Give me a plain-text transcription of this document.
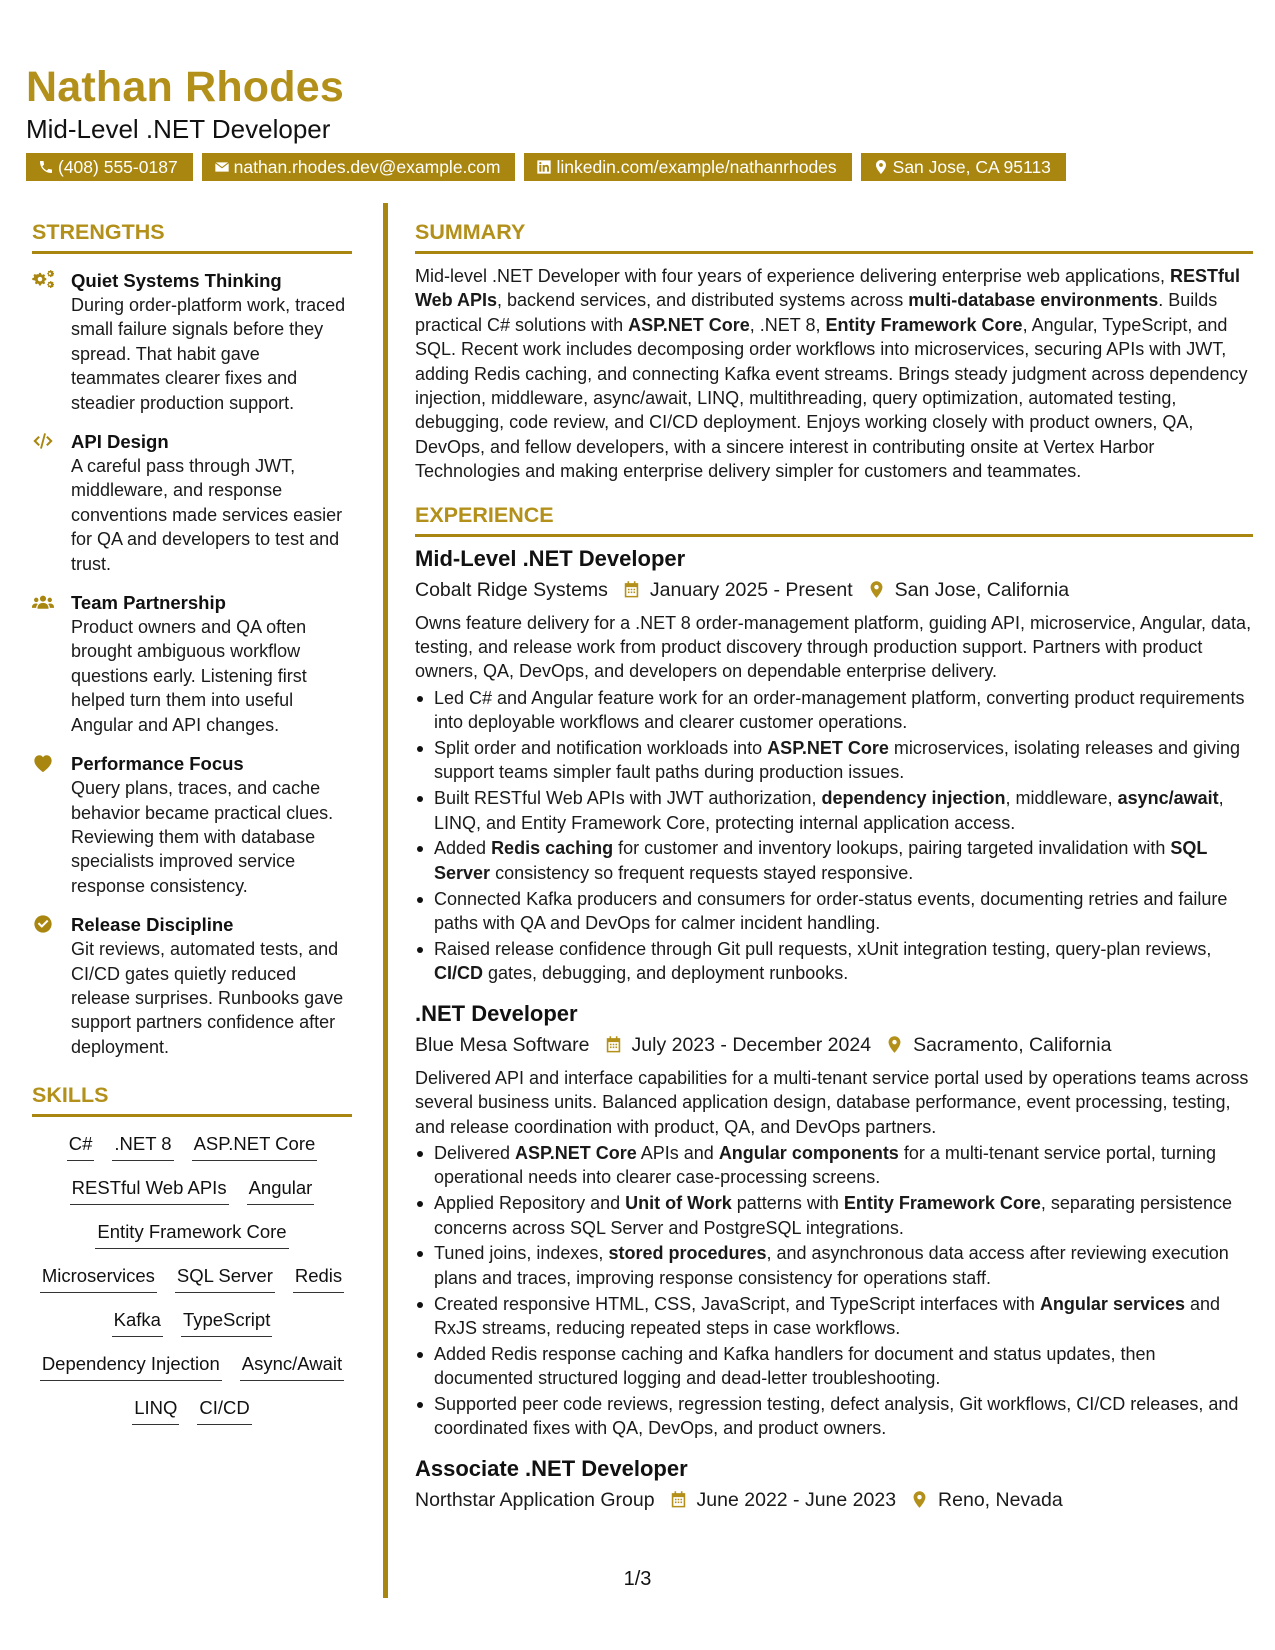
Nathan Rhodes
Mid-Level .NET Developer
(408) 555-0187	nathan.rhodes.dev@example.com	linkedin.com/example/nathanrhodes	San Jose, CA 95113
STRENGTHS
Quiet Systems Thinking
During order-platform work, traced small failure signals before they spread. That habit gave teammates clearer fixes and steadier production support.
API Design
A careful pass through JWT, middleware, and response conventions made services easier for QA and developers to test and trust.
Team Partnership
Product owners and QA often brought ambiguous workflow questions early. Listening first helped turn them into useful Angular and API changes.
Performance Focus
Query plans, traces, and cache behavior became practical clues. Reviewing them with database specialists improved service response consistency.
Release Discipline
Git reviews, automated tests, and CI/CD gates quietly reduced release surprises. Runbooks gave support partners confidence after deployment.
SKILLS
C# .NET 8 ASP.NET Core
RESTful Web APIs Angular
Entity Framework Core
Microservices SQL Server Redis
Kafka TypeScript
Dependency Injection Async/Await
LINQ CI/CD
SUMMARY
Mid-level .NET Developer with four years of experience delivering enterprise web applications, RESTful Web APIs, backend services, and distributed systems across multi-database environments. Builds practical C# solutions with ASP.NET Core, .NET 8, Entity Framework Core, Angular, TypeScript, and SQL. Recent work includes decomposing order workflows into microservices, securing APIs with JWT, adding Redis caching, and connecting Kafka event streams. Brings steady judgment across dependency injection, middleware, async/await, LINQ, multithreading, query optimization, automated testing, debugging, code review, and CI/CD deployment. Enjoys working closely with product owners, QA, DevOps, and fellow developers, with a sincere interest in contributing onsite at Vertex Harbor Technologies and making enterprise delivery simpler for customers and teammates.
EXPERIENCE
Mid-Level .NET Developer
Cobalt Ridge Systems January 2025 - Present San Jose, California
Owns feature delivery for a .NET 8 order-management platform, guiding API, microservice, Angular, data, testing, and release work from product discovery through production support. Partners with product owners, QA, DevOps, and developers on dependable enterprise delivery.
Led C# and Angular feature work for an order-management platform, converting product requirements into deployable workflows and clearer customer operations.
Split order and notification workloads into ASP.NET Core microservices, isolating releases and giving support teams simpler fault paths during production issues.
Built RESTful Web APIs with JWT authorization, dependency injection, middleware, async/await, LINQ, and Entity Framework Core, protecting internal application access.
Added Redis caching for customer and inventory lookups, pairing targeted invalidation with SQL Server consistency so frequent requests stayed responsive.
Connected Kafka producers and consumers for order-status events, documenting retries and failure paths with QA and DevOps for calmer incident handling.
Raised release confidence through Git pull requests, xUnit integration testing, query-plan reviews, CI/CD gates, debugging, and deployment runbooks.
.NET Developer
Blue Mesa Software July 2023 - December 2024 Sacramento, California
Delivered API and interface capabilities for a multi-tenant service portal used by operations teams across several business units. Balanced application design, database performance, event processing, testing, and release coordination with product, QA, and DevOps partners.
Delivered ASP.NET Core APIs and Angular components for a multi-tenant service portal, turning operational needs into clearer case-processing screens.
Applied Repository and Unit of Work patterns with Entity Framework Core, separating persistence concerns across SQL Server and PostgreSQL integrations.
Tuned joins, indexes, stored procedures, and asynchronous data access after reviewing execution plans and traces, improving response consistency for operations staff.
Created responsive HTML, CSS, JavaScript, and TypeScript interfaces with Angular services and RxJS streams, reducing repeated steps in case workflows.
Added Redis response caching and Kafka handlers for document and status updates, then documented structured logging and dead-letter troubleshooting.
Supported peer code reviews, regression testing, defect analysis, Git workflows, CI/CD releases, and coordinated fixes with QA, DevOps, and product owners.
Associate .NET Developer
Northstar Application Group June 2022 - June 2023 Reno, Nevada
1/3
